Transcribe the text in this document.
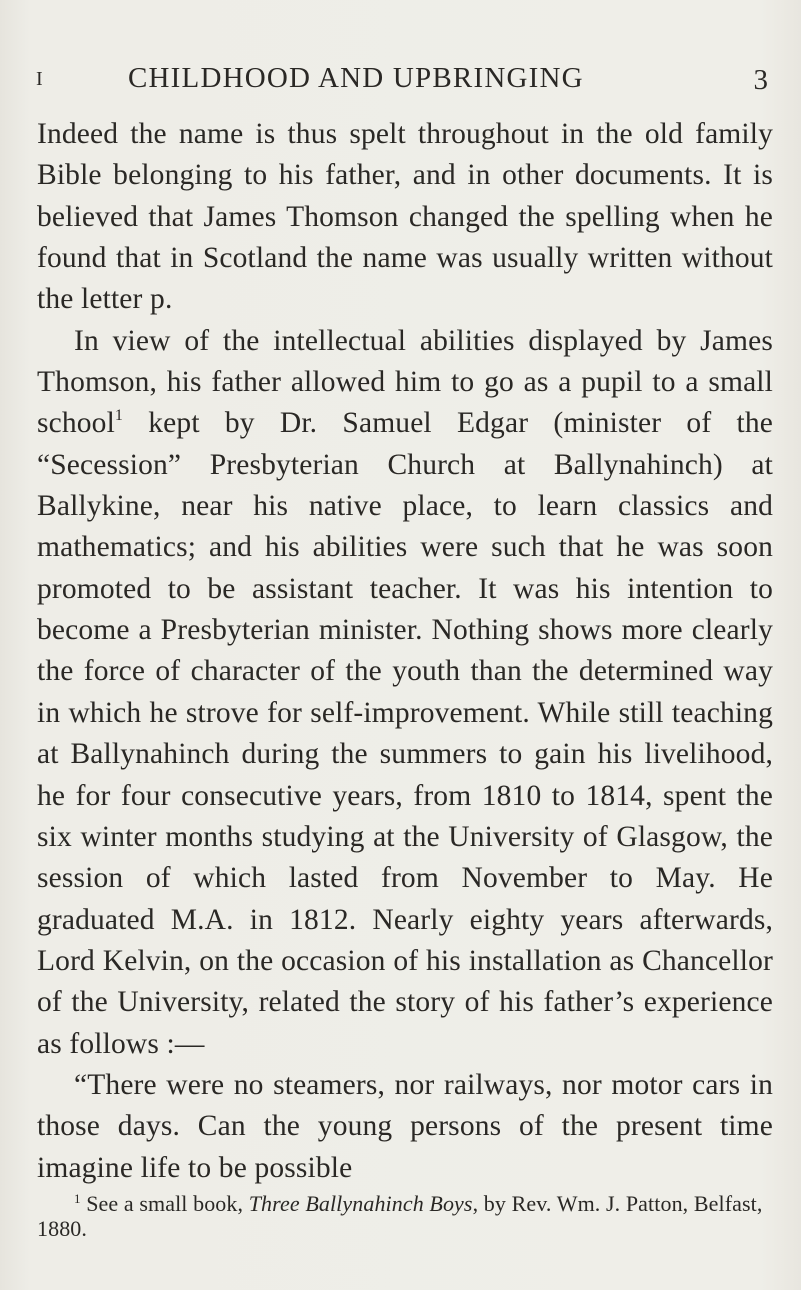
I	CHILDHOOD AND UPBRINGING	3

Indeed the name is thus spelt throughout in the old family Bible belonging to his father, and in other documents. It is believed that James Thomson changed the spelling when he found that in Scotland the name was usually written without the letter p.

In view of the intellectual abilities displayed by James Thomson, his father allowed him to go as a pupil to a small school$^1$ kept by Dr. Samuel Edgar (minister of the “Secession” Presbyterian Church at Ballynahinch) at Ballykine, near his native place, to learn classics and mathematics; and his abilities were such that he was soon promoted to be assistant teacher. It was his intention to become a Presbyterian minister. Nothing shows more clearly the force of character of the youth than the determined way in which he strove for self-improvement. While still teaching at Ballynahinch during the summers to gain his livelihood, he for four consecutive years, from 1810 to 1814, spent the six winter months studying at the University of Glasgow, the session of which lasted from November to May. He graduated M.A. in 1812. Nearly eighty years afterwards, Lord Kelvin, on the occasion of his installation as Chancellor of the University, related the story of his father’s experience as follows :—

“There were no steamers, nor railways, nor motor cars in those days. Can the young persons of the present time imagine life to be possible

$^1$ See a small book, Three Ballynahinch Boys, by Rev. Wm. J. Patton, Belfast, 1880.
